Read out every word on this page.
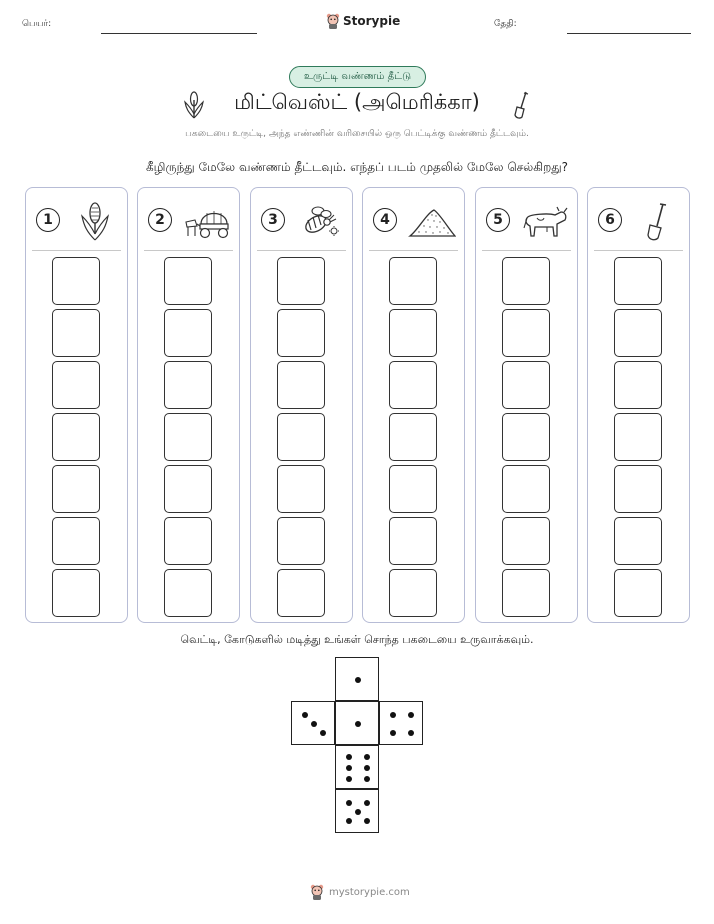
பெயர்:	Storypie	தேதி:
உருட்டி வண்ணம் தீட்டு
மிட்வெஸ்ட் (அமெரிக்கா)
பகடையை உருட்டி, அந்த எண்ணின் வரிசையில் ஒரு பெட்டிக்கு வண்ணம் தீட்டவும்.
கீழிருந்து மேலே வண்ணம் தீட்டவும். எந்தப் படம் முதலில் மேலே செல்கிறது?
1	2	3	4	5	6
வெட்டி, கோடுகளில் மடித்து உங்கள் சொந்த பகடையை உருவாக்கவும்.
mystorypie.com
